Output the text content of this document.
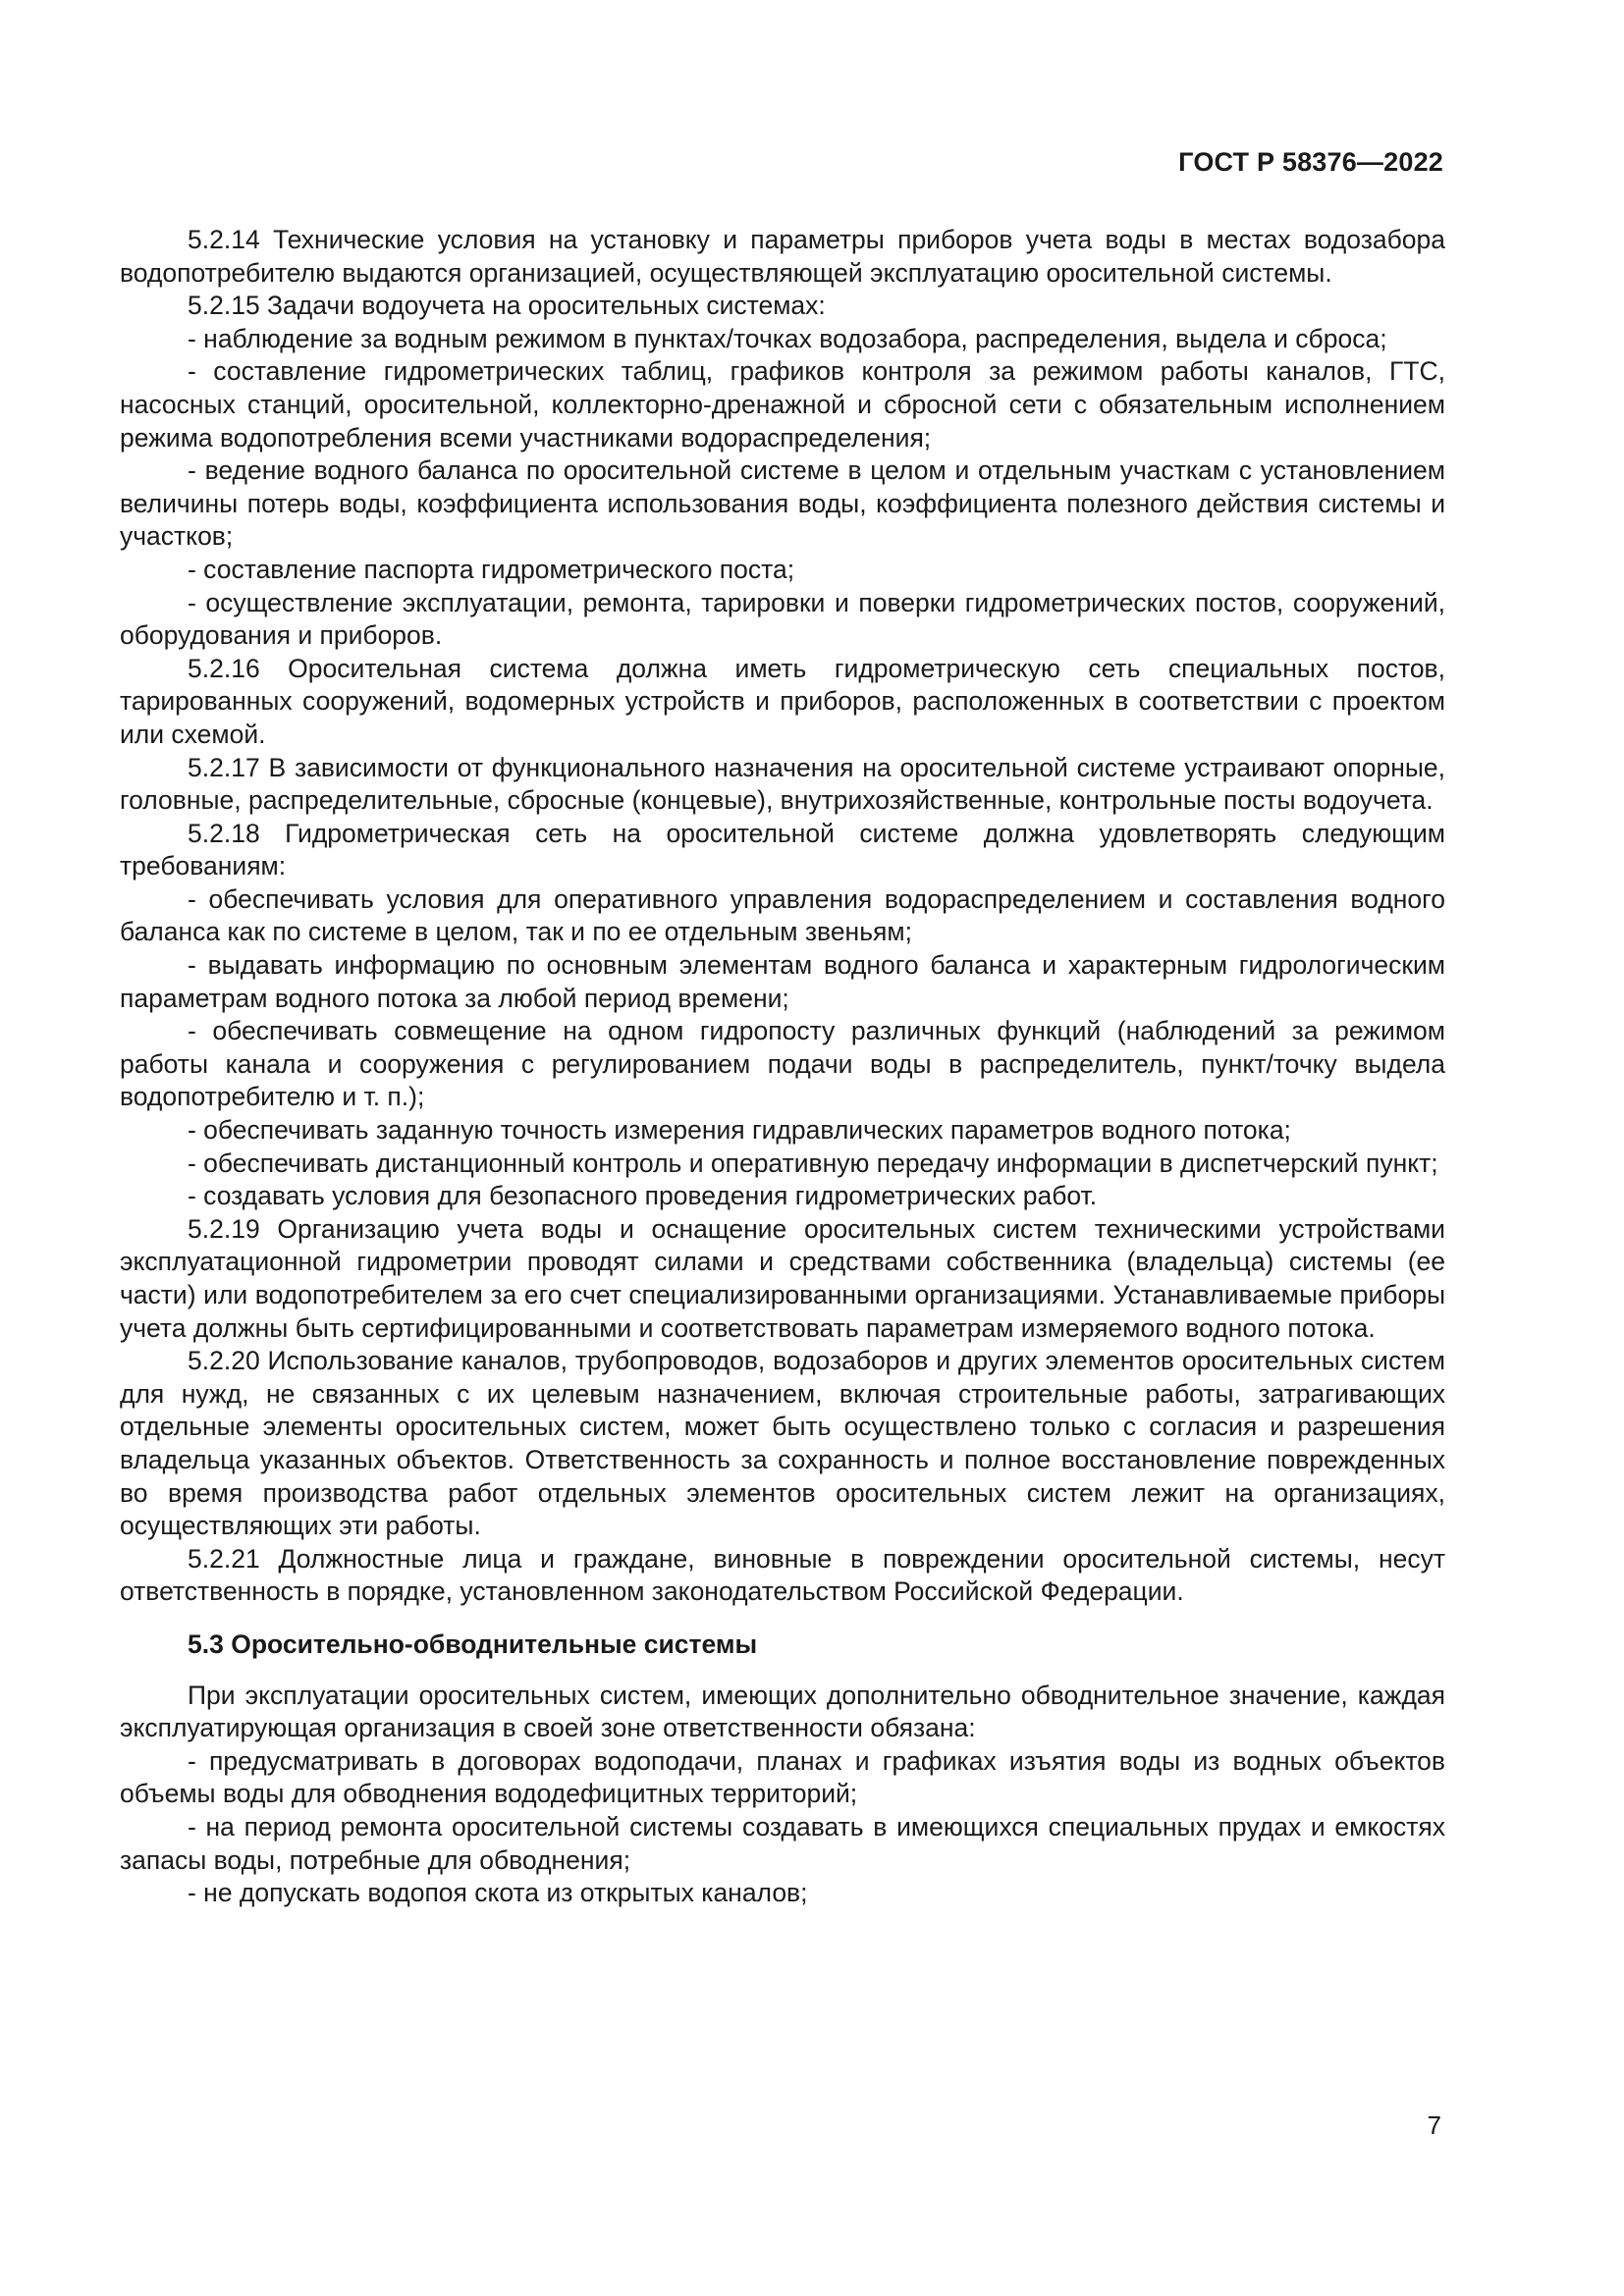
ГОСТ Р 58376—2022

5.2.14 Технические условия на установку и параметры приборов учета воды в местах водозабора водопотребителю выдаются организацией, осуществляющей эксплуатацию оросительной системы.

5.2.15 Задачи водоучета на оросительных системах:

- наблюдение за водным режимом в пунктах/точках водозабора, распределения, выдела и сброса;

- составление гидрометрических таблиц, графиков контроля за режимом работы каналов, ГТС, насосных станций, оросительной, коллекторно-дренажной и сбросной сети с обязательным исполнением режима водопотребления всеми участниками водораспределения;

- ведение водного баланса по оросительной системе в целом и отдельным участкам с установлением величины потерь воды, коэффициента использования воды, коэффициента полезного действия системы и участков;

- составление паспорта гидрометрического поста;

- осуществление эксплуатации, ремонта, тарировки и поверки гидрометрических постов, сооружений, оборудования и приборов.

5.2.16 Оросительная система должна иметь гидрометрическую сеть специальных постов, тарированных сооружений, водомерных устройств и приборов, расположенных в соответствии с проектом или схемой.

5.2.17 В зависимости от функционального назначения на оросительной системе устраивают опорные, головные, распределительные, сбросные (концевые), внутрихозяйственные, контрольные посты водоучета.

5.2.18 Гидрометрическая сеть на оросительной системе должна удовлетворять следующим требованиям:

- обеспечивать условия для оперативного управления водораспределением и составления водного баланса как по системе в целом, так и по ее отдельным звеньям;

- выдавать информацию по основным элементам водного баланса и характерным гидрологическим параметрам водного потока за любой период времени;

- обеспечивать совмещение на одном гидропосту различных функций (наблюдений за режимом работы канала и сооружения с регулированием подачи воды в распределитель, пункт/точку выдела водопотребителю и т. п.);

- обеспечивать заданную точность измерения гидравлических параметров водного потока;

- обеспечивать дистанционный контроль и оперативную передачу информации в диспетчерский пункт;

- создавать условия для безопасного проведения гидрометрических работ.

5.2.19 Организацию учета воды и оснащение оросительных систем техническими устройствами эксплуатационной гидрометрии проводят силами и средствами собственника (владельца) системы (ее части) или водопотребителем за его счет специализированными организациями. Устанавливаемые приборы учета должны быть сертифицированными и соответствовать параметрам измеряемого водного потока.

5.2.20 Использование каналов, трубопроводов, водозаборов и других элементов оросительных систем для нужд, не связанных с их целевым назначением, включая строительные работы, затрагивающих отдельные элементы оросительных систем, может быть осуществлено только с согласия и разрешения владельца указанных объектов. Ответственность за сохранность и полное восстановление поврежденных во время производства работ отдельных элементов оросительных систем лежит на организациях, осуществляющих эти работы.

5.2.21 Должностные лица и граждане, виновные в повреждении оросительной системы, несут ответственность в порядке, установленном законодательством Российской Федерации.

5.3 Оросительно-обводнительные системы

При эксплуатации оросительных систем, имеющих дополнительно обводнительное значение, каждая эксплуатирующая организация в своей зоне ответственности обязана:

- предусматривать в договорах водоподачи, планах и графиках изъятия воды из водных объектов объемы воды для обводнения вододефицитных территорий;

- на период ремонта оросительной системы создавать в имеющихся специальных прудах и емкостях запасы воды, потребные для обводнения;

- не допускать водопоя скота из открытых каналов;

7
